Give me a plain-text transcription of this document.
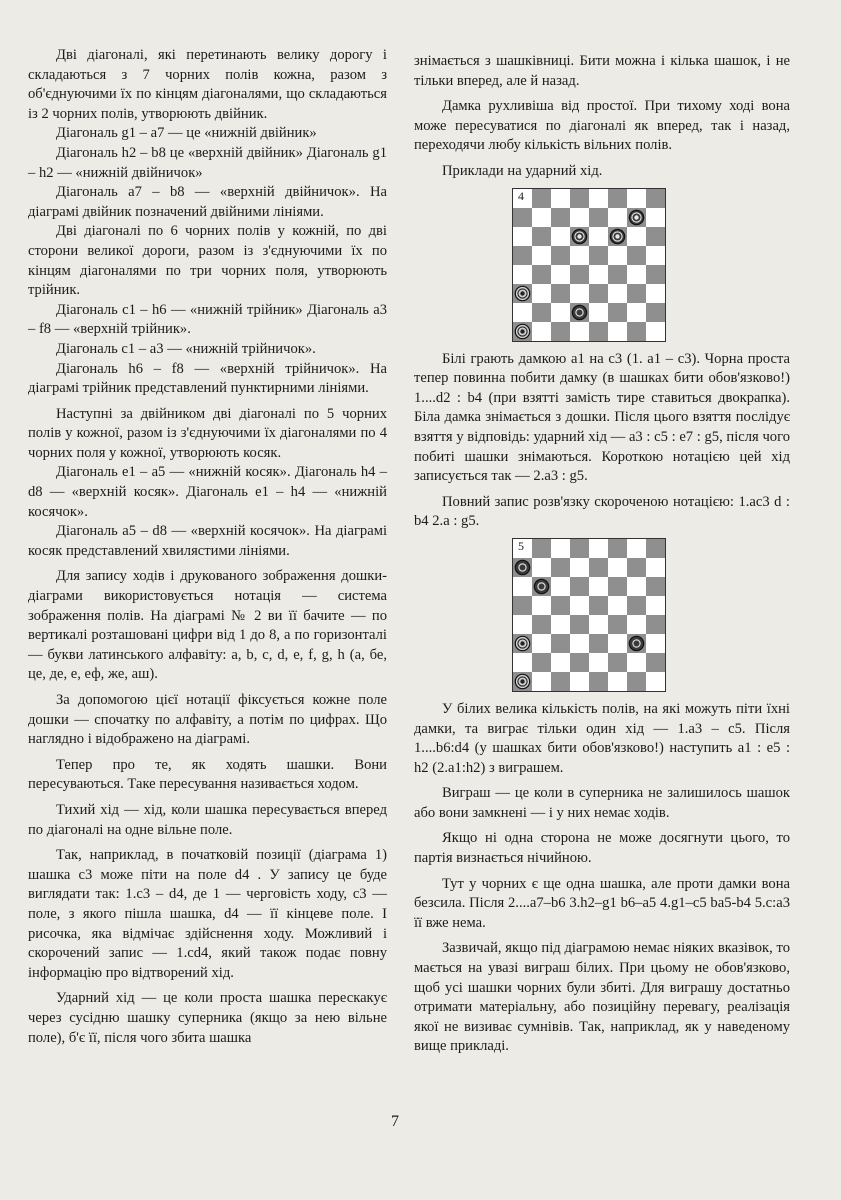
Дві діагоналі, які перетинають велику дорогу і складаються з 7 чорних полів кожна, разом з об'єднуючими їх по кінцям діагоналями, що складаються із 2 чорних полів, утворюють двійник.

Діагональ g1 – a7 — це «нижній двійник»

Діагональ h2 – b8 це «верхній двійник» Діагональ g1 – h2 — «нижній двійничок»

Діагональ a7 – b8 — «верхній двійничок». На діаграмі двійник позначений двійними лініями.

Дві діагоналі по 6 чорних полів у кожній, по дві сторони великої дороги, разом із з'єднуючими їх по кінцям діагоналями по три чорних поля, утворюють трійник.

Діагональ c1 – h6 — «нижній трійник» Діагональ a3 – f8 — «верхній трійник».

Діагональ c1 – a3 — «нижній трійничок».

Діагональ h6 – f8 — «верхній трійничок». На діаграмі трійник представлений пунктирними лініями.

Наступні за двійником дві діагоналі по 5 чорних полів у кожної, разом із з'єднуючими їх діагоналями по 4 чорних поля у кожної, утворюють косяк.

Діагональ e1 – a5 — «нижній косяк». Діагональ h4 – d8 — «верхній косяк». Діагональ e1 – h4 — «нижній косячок».

Діагональ a5 – d8 — «верхній косячок». На діаграмі косяк представлений хвилястими лініями.

Для запису ходів і друкованого зображення дошки-діаграми використовується нотація — система зображення полів. На діаграмі № 2 ви її бачите — по вертикалі розташовані цифри від 1 до 8, а по горизонталі — букви латинського алфавіту: a, b, c, d, e, f, g, h (а, бе, це, де, е, еф, же, аш).

За допомогою цієї нотації фіксується кожне поле дошки — спочатку по алфавіту, а потім по цифрах. Що наглядно і відображено на діаграмі.

Тепер про те, як ходять шашки. Вони пересуваються. Таке пересування називається ходом.

Тихий хід — хід, коли шашка пересувається вперед по діагоналі на одне вільне поле.

Так, наприклад, в початковій позиції (діаграма 1) шашка c3 може піти на поле d4 . У запису це буде виглядати так: 1.c3 – d4, де 1 — черговість ходу, c3 — поле, з якого пішла шашка, d4 — її кінцеве поле. І рисочка, яка відмічає здійснення ходу. Можливий і скорочений запис — 1.cd4, який також подає повну інформацію про відтворений хід.

Ударний хід — це коли проста шашка перескакує через сусідню шашку суперника (якщо за нею вільне поле), б'є її, після чого збита шашка

знімається з шашківниці. Бити можна і кілька шашок, і не тільки вперед, але й назад.

Дамка рухливіша від простої. При тихому ході вона може пересуватися по діагоналі як вперед, так і назад, переходячи любу кількість вільних полів.

Приклади на ударний хід.

4

Білі грають дамкою a1 на c3 (1. a1 – c3). Чорна проста тепер повинна побити дамку (в шашках бити обов'язково!) 1....d2 : b4 (при взятті замість тире ставиться двокрапка). Біла дамка знімається з дошки. Після цього взяття послідує взяття у відповідь: ударний хід — a3 : c5 : e7 : g5, після чого побиті шашки знімаються. Короткою нотацією цей хід записується так — 2.a3 : g5.

Повний запис розв'язку скороченою нотацією: 1.ac3 d : b4 2.a : g5.

5

У білих велика кількість полів, на які можуть піти їхні дамки, та виграє тільки один хід — 1.a3 – c5. Після 1....b6:d4 (у шашках бити обов'язково!) наступить a1 : e5 : h2 (2.a1:h2) з виграшем.

Виграш — це коли в суперника не залишилось шашок або вони замкнені — і у них немає ходів.

Якщо ні одна сторона не може досягнути цього, то партія визнається нічийною.

Тут у чорних є ще одна шашка, але проти дамки вона безсила. Після 2....a7–b6 3.h2–g1 b6–a5 4.g1–c5 ba5-b4 5.c:a3 її вже нема.

Зазвичай, якщо під діаграмою немає ніяких вказівок, то мається на увазі виграш білих. При цьому не обов'язково, щоб усі шашки чорних були збиті. Для виграшу достатньо отримати матеріальну, або позиційну перевагу, реалізація якої не визиває сумнівів. Так, наприклад, як у наведеному вище прикладі.

7
